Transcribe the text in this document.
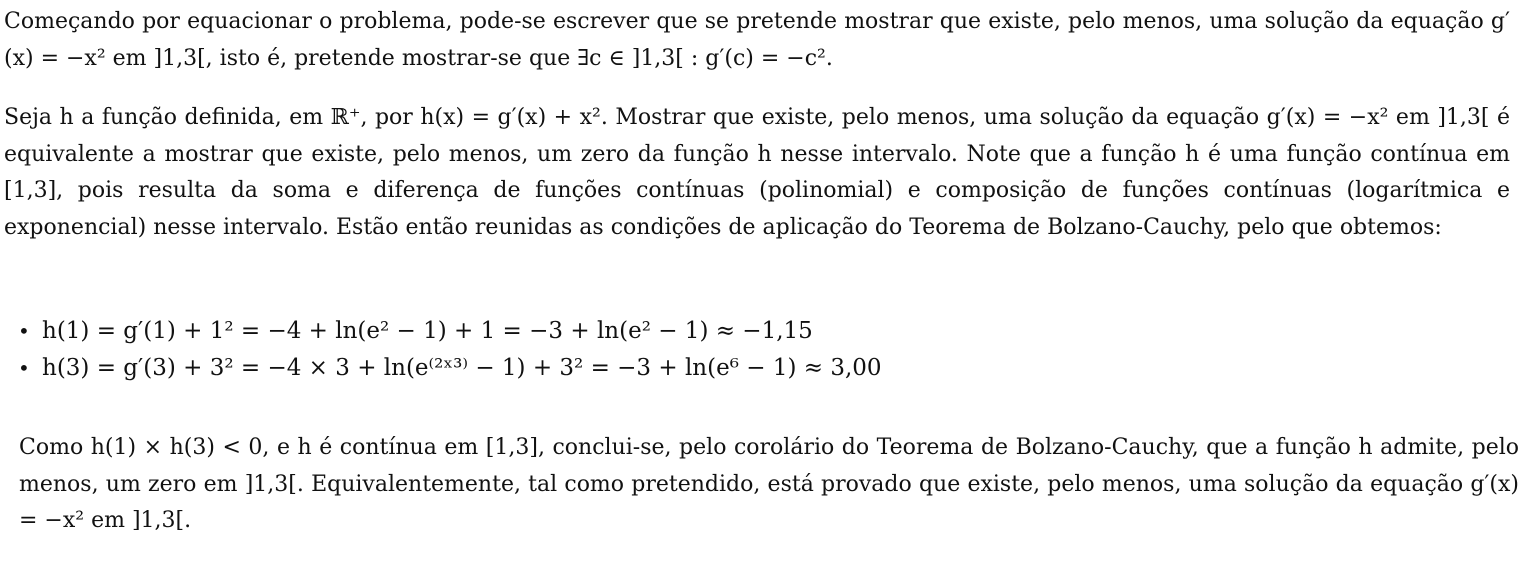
Começando por equacionar o problema, pode-se escrever que se pretende mostrar que existe, pelo menos, uma solução da equação g′(x) = −x² em ]1,3[, isto é, pretende mostrar-se que ∃c ∈ ]1,3[ : g′(c) = −c².

Seja h a função definida, em ℝ⁺, por h(x) = g′(x) + x². Mostrar que existe, pelo menos, uma solução da equação g′(x) = −x² em ]1,3[ é equivalente a mostrar que existe, pelo menos, um zero da função h nesse intervalo. Note que a função h é uma função contínua em [1,3], pois resulta da soma e diferença de funções contínuas (polinomial) e composição de funções contínuas (logarítmica e exponencial) nesse intervalo. Estão então reunidas as condições de aplicação do Teorema de Bolzano-Cauchy, pelo que obtemos:

• h(1) = g′(1) + 1² = −4 + ln(e² − 1) + 1 = −3 + ln(e² − 1) ≈ −1,15
• h(3) = g′(3) + 3² = −4 × 3 + ln(e⁽²ˣ³⁾ − 1) + 3² = −3 + ln(e⁶ − 1) ≈ 3,00

Como h(1) × h(3) < 0, e h é contínua em [1,3], conclui-se, pelo corolário do Teorema de Bolzano-Cauchy, que a função h admite, pelo menos, um zero em ]1,3[. Equivalentemente, tal como pretendido, está provado que existe, pelo menos, uma solução da equação g′(x) = −x² em ]1,3[.
